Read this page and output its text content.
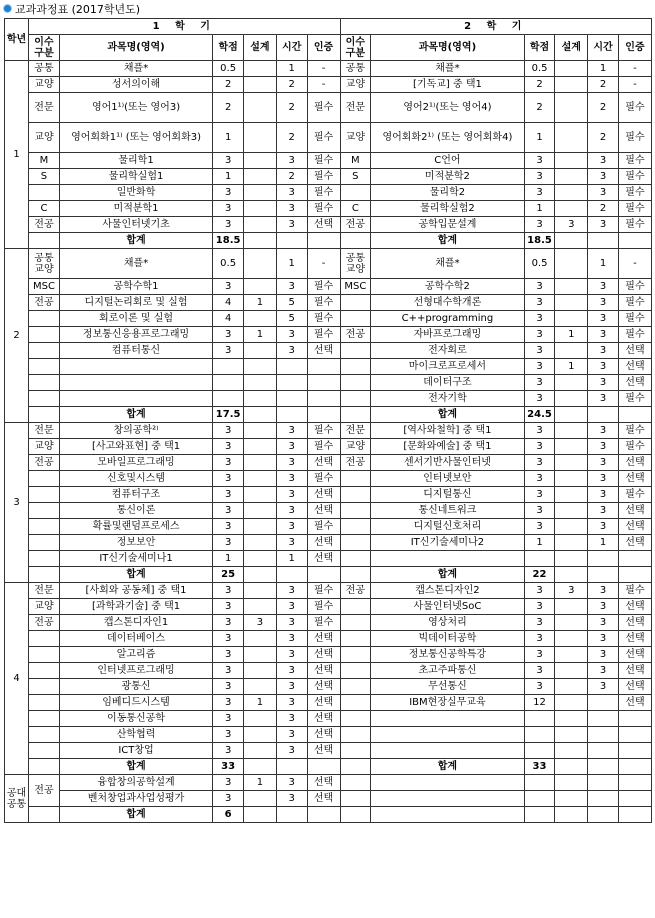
교과과정표 (2017학년도)
학년	1 학 기						2 학 기					
	이수구분	과목명(영역)	학점	설계	시간	인증	이수구분	과목명(영역)	학점	설계	시간	인증
1	공통	채플*	0.5		1	-	공통	채플*	0.5		1	-
	교양	성서의이해	2		2	-	교양	[기독교] 중 택1	2		2	-
	전문	영어1¹⁾(또는 영어3)	2		2	필수	전문	영어2¹⁾(또는 영어4)	2		2	필수
	교양	영어회화1¹⁾ (또는 영어회화3)	1		2	필수	교양	영어회화2¹⁾ (또는 영어회화4)	1		2	필수
	M	물리학1	3		3	필수	M	C언어	3		3	필수
	S	물리학실험1	1		2	필수	S	미적분학2	3		3	필수
		일반화학	3		3	필수		물리학2	3		3	필수
	C	미적분학1	3		3	필수	C	물리학실험2	1		2	필수
	전공	사물인터넷기초	3		3	선택	전공	공학입문설계	3	3	3	필수
		합계	18.5					합계	18.5			
2	공통교양	채플*	0.5		1	-	공통교양	채플*	0.5		1	-
	MSC	공학수학1	3		3	필수	MSC	공학수학2	3		3	필수
	전공	디지털논리회로 및 실험	4	1	5	필수		선형대수학개론	3		3	필수
		회로이론 및 실험	4		5	필수		C++programming	3		3	필수
		정보통신응용프로그래밍	3	1	3	필수	전공	자바프로그래밍	3	1	3	필수
		컴퓨터통신	3		3	선택		전자회로	3		3	선택
								마이크로프로세서	3	1	3	선택
								데이터구조	3		3	선택
								전자기학	3		3	필수
		합계	17.5					합계	24.5			
3	전문	창의공학²⁾	3		3	필수	전문	[역사와철학] 중 택1	3		3	필수
	교양	[사고와표현] 중 택1	3		3	필수	교양	[문화와예술] 중 택1	3		3	필수
	전공	모바일프로그래밍	3		3	선택	전공	센서기반사물인터넷	3		3	선택
		신호및시스템	3		3	필수		인터넷보안	3		3	선택
		컴퓨터구조	3		3	선택		디지털통신	3		3	필수
		통신이론	3		3	선택		통신네트워크	3		3	선택
		확률및랜덤프로세스	3		3	필수		디지털신호처리	3		3	선택
		정보보안	3		3	선택		IT신기술세미나2	1		1	선택
		IT신기술세미나1	1		1	선택						
		합계	25					합계	22			
4	전문	[사회와 공동체] 중 택1	3		3	필수	전공	캡스톤디자인2	3	3	3	필수
	교양	[과학과기술] 중 택1	3		3	필수		사물인터넷SoC	3		3	선택
	전공	캡스톤디자인1	3	3	3	필수		영상처리	3		3	선택
		데이터베이스	3		3	선택		빅데이터공학	3		3	선택
		알고리즘	3		3	선택		정보통신공학특강	3		3	선택
		인터넷프로그래밍	3		3	선택		초고주파통신	3		3	선택
		광통신	3		3	선택		무선통신	3		3	선택
		임베디드시스템	3	1	3	선택		IBM현장실무교육	12			선택
		이동통신공학	3		3	선택						
		산학협력	3		3	선택						
		ICT창업	3		3	선택						
		합계	33					합계	33			
공대공통	전공	융합창의공학설계	3	1	3	선택						
		벤처창업과사업성평가	3		3	선택						
		합계	6									
